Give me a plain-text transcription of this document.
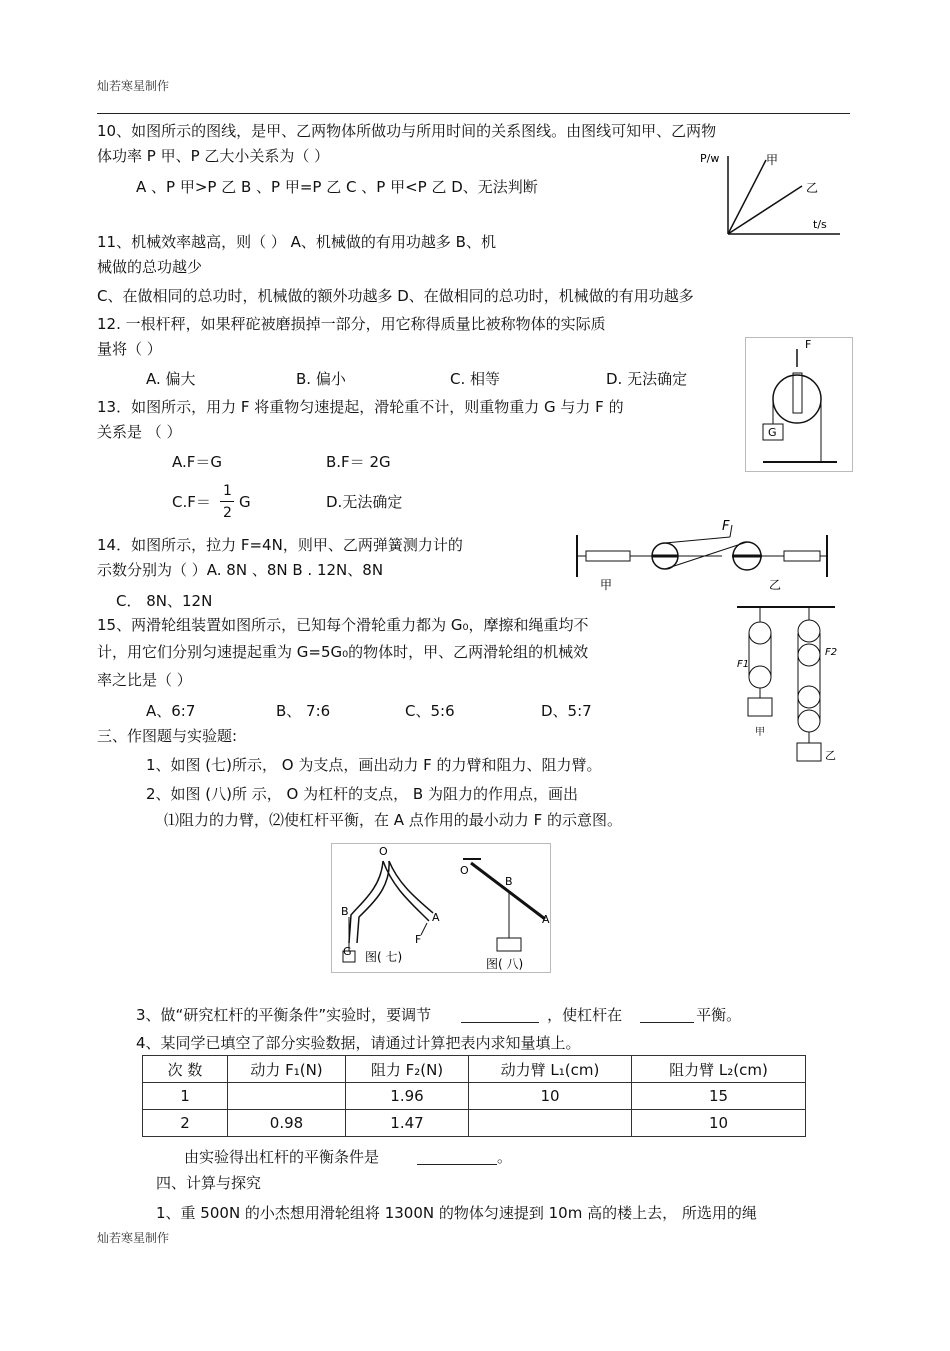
灿若寒星制作
灿若寒星制作
10、如图所示的图线，是甲、乙两物体所做功与所用时间的关系图线。由图线可知甲、乙两物
体功率 P 甲、P 乙大小关系为（ ）
A 、P 甲>P 乙 B 、P 甲=P 乙 C 、P 甲<P 乙 D、无法判断
P/w
t/s
甲
乙
11、机械效率越高，则（ ） A、机械做的有用功越多 B、机
械做的总功越少
C、在做相同的总功时，机械做的额外功越多 D、在做相同的总功时，机械做的有用功越多
12. 一根杆秤，如果秤砣被磨损掉一部分，用它称得质量比被称物体的实际质
量将（ ）
A. 偏大	B. 偏小	C. 相等	D. 无法确定
F
G
13．如图所示，用力 F 将重物匀速提起，滑轮重不计，则重物重力 G 与力 F 的
关系是 （ ）
A.F＝G	B.F＝ 2G
C.F＝
1
2
G	D.无法确定
F
甲	乙
14．如图所示，拉力 F=4N，则甲、乙两弹簧测力计的
示数分别为（ ）A. 8N 、8N B . 12N、8N
C． 8N、12N
F1
甲
F2
乙
15、两滑轮组装置如图所示，已知每个滑轮重力都为 G₀，摩擦和绳重均不
计，用它们分别匀速提起重为 G=5G₀的物体时，甲、乙两滑轮组的机械效
率之比是（ ）
A、6:7	B、 7:6	C、5:6	D、5:7
三、作图题与实验题:
1、如图 (七)所示， O 为支点，画出动力 F 的力臂和阻力、阻力臂。
2、如图 (八)所 示， O 为杠杆的支点， B 为阻力的作用点，画出
⑴阻力的力臂，⑵使杠杆平衡，在 A 点作用的最小动力 F 的示意图。
O
B	A
F
G 图( 七)
O
B
A
图( 八)
3、做“研究杠杆的平衡条件”实验时，要调节	，使杠杆在	平衡。
4、某同学已填空了部分实验数据，请通过计算把表内求知量填上。
次 数	动力 F₁(N)	阻力 F₂(N)	动力臂 L₁(cm)	阻力臂 L₂(cm)
1		1.96	10	15
2	0.98	1.47		10
由实验得出杠杆的平衡条件是	。
四、计算与探究
1、重 500N 的小杰想用滑轮组将 1300N 的物体匀速提到 10m 高的楼上去， 所选用的绳
